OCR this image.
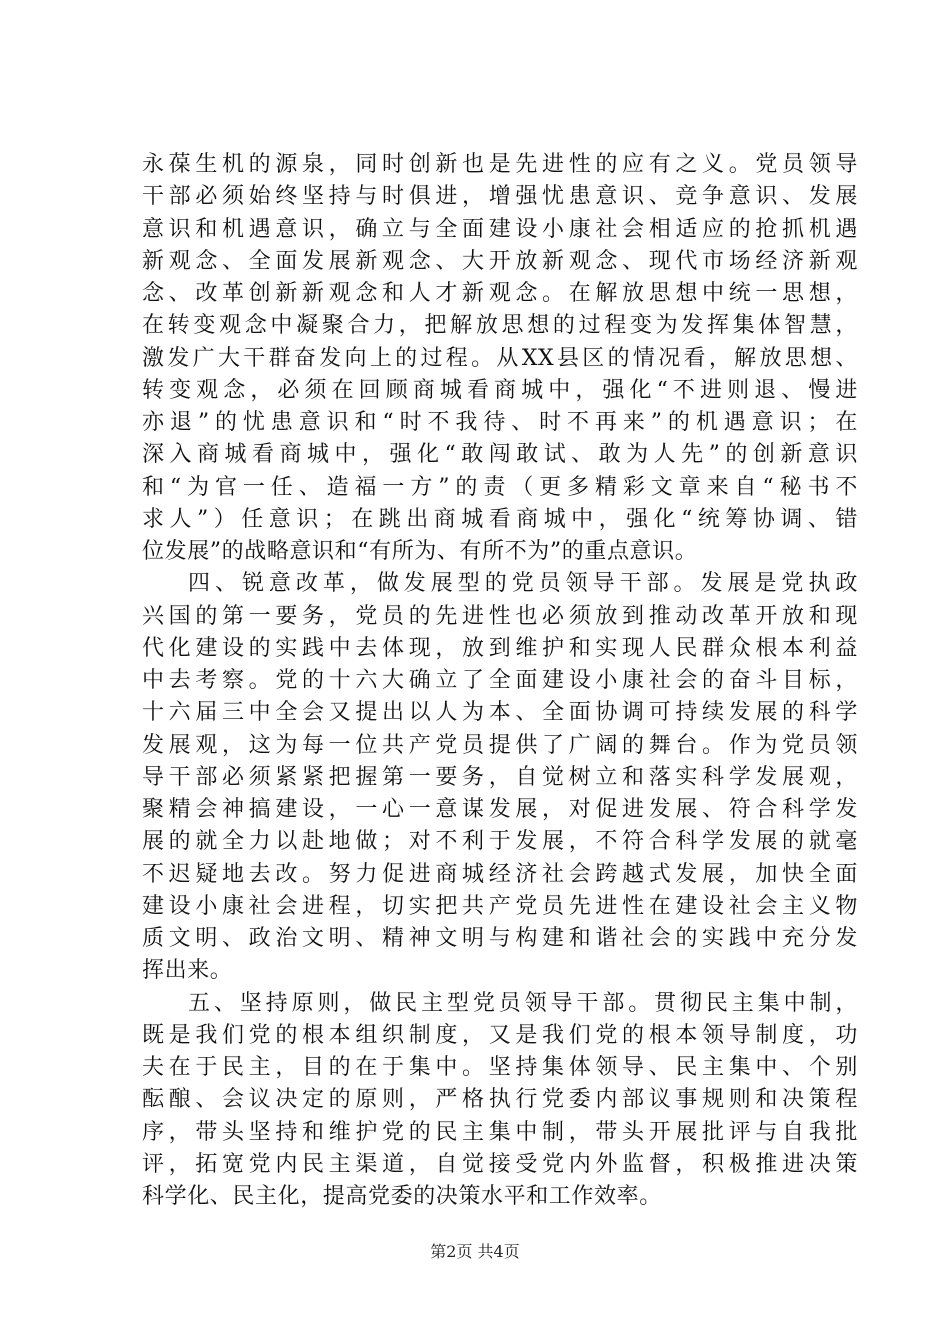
永葆生机的源泉，同时创新也是先进性的应有之义。党员领导
干部必须始终坚持与时俱进，增强忧患意识、竞争意识、发展
意识和机遇意识，确立与全面建设小康社会相适应的抢抓机遇
新观念、全面发展新观念、大开放新观念、现代市场经济新观
念、改革创新新观念和人才新观念。在解放思想中统一思想，
在转变观念中凝聚合力，把解放思想的过程变为发挥集体智慧，
激发广大干群奋发向上的过程。从XX县区的情况看，解放思想、
转变观念，必须在回顾商城看商城中，强化“不进则退、慢进
亦退”的忧患意识和“时不我待、时不再来”的机遇意识；在
深入商城看商城中，强化“敢闯敢试、敢为人先”的创新意识
和“为官一任、造福一方”的责（更多精彩文章来自“秘书不
求人”）任意识；在跳出商城看商城中，强化“统筹协调、错
位发展”的战略意识和“有所为、有所不为”的重点意识。
四、锐意改革，做发展型的党员领导干部。发展是党执政
兴国的第一要务，党员的先进性也必须放到推动改革开放和现
代化建设的实践中去体现，放到维护和实现人民群众根本利益
中去考察。党的十六大确立了全面建设小康社会的奋斗目标，
十六届三中全会又提出以人为本、全面协调可持续发展的科学
发展观，这为每一位共产党员提供了广阔的舞台。作为党员领
导干部必须紧紧把握第一要务，自觉树立和落实科学发展观，
聚精会神搞建设，一心一意谋发展，对促进发展、符合科学发
展的就全力以赴地做；对不利于发展，不符合科学发展的就毫
不迟疑地去改。努力促进商城经济社会跨越式发展，加快全面
建设小康社会进程，切实把共产党员先进性在建设社会主义物
质文明、政治文明、精神文明与构建和谐社会的实践中充分发
挥出来。
五、坚持原则，做民主型党员领导干部。贯彻民主集中制，
既是我们党的根本组织制度，又是我们党的根本领导制度，功
夫在于民主，目的在于集中。坚持集体领导、民主集中、个别
酝酿、会议决定的原则，严格执行党委内部议事规则和决策程
序，带头坚持和维护党的民主集中制，带头开展批评与自我批
评，拓宽党内民主渠道，自觉接受党内外监督，积极推进决策
科学化、民主化，提高党委的决策水平和工作效率。
第2页 共4页
